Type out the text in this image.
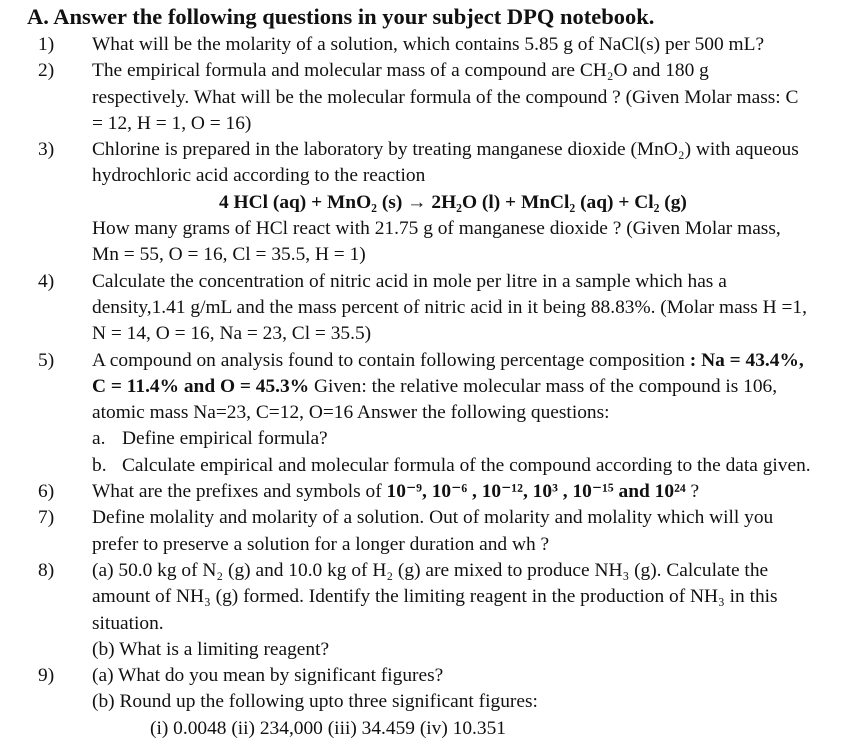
A. Answer the following questions in your subject DPQ notebook.
1)	What will be the molarity of a solution, which contains 5.85 g of NaCl(s) per 500 mL?
2)	The empirical formula and molecular mass of a compound are CH₂O and 180 g
respectively. What will be the molecular formula of the compound ? (Given Molar mass: C
= 12, H = 1, O = 16)
3)	Chlorine is prepared in the laboratory by treating manganese dioxide (MnO₂) with aqueous
hydrochloric acid according to the reaction
4 HCl (aq) + MnO₂ (s) → 2H₂O (l) + MnCl₂ (aq) + Cl₂ (g)
How many grams of HCl react with 21.75 g of manganese dioxide ? (Given Molar mass,
Mn = 55, O = 16, Cl = 35.5, H = 1)
4)	Calculate the concentration of nitric acid in mole per litre in a sample which has a
density,1.41 g/mL and the mass percent of nitric acid in it being 88.83%. (Molar mass H =1,
N = 14, O = 16, Na = 23, Cl = 35.5)
5)	A compound on analysis found to contain following percentage composition : Na = 43.4%,
C = 11.4% and O = 45.3% Given: the relative molecular mass of the compound is 106,
atomic mass Na=23, C=12, O=16 Answer the following questions:
a. Define empirical formula?
b. Calculate empirical and molecular formula of the compound according to the data given.
6)	What are the prefixes and symbols of 10⁻⁹, 10⁻⁶ , 10⁻¹², 10³ , 10⁻¹⁵ and 10²⁴ ?
7)	Define molality and molarity of a solution. Out of molarity and molality which will you
prefer to preserve a solution for a longer duration and wh ?
8)	(a) 50.0 kg of N₂ (g) and 10.0 kg of H₂ (g) are mixed to produce NH₃ (g). Calculate the
amount of NH₃ (g) formed. Identify the limiting reagent in the production of NH₃ in this
situation.
(b) What is a limiting reagent?
9)	(a) What do you mean by significant figures?
(b) Round up the following upto three significant figures:
(i) 0.0048 (ii) 234,000 (iii) 34.459 (iv) 10.351
